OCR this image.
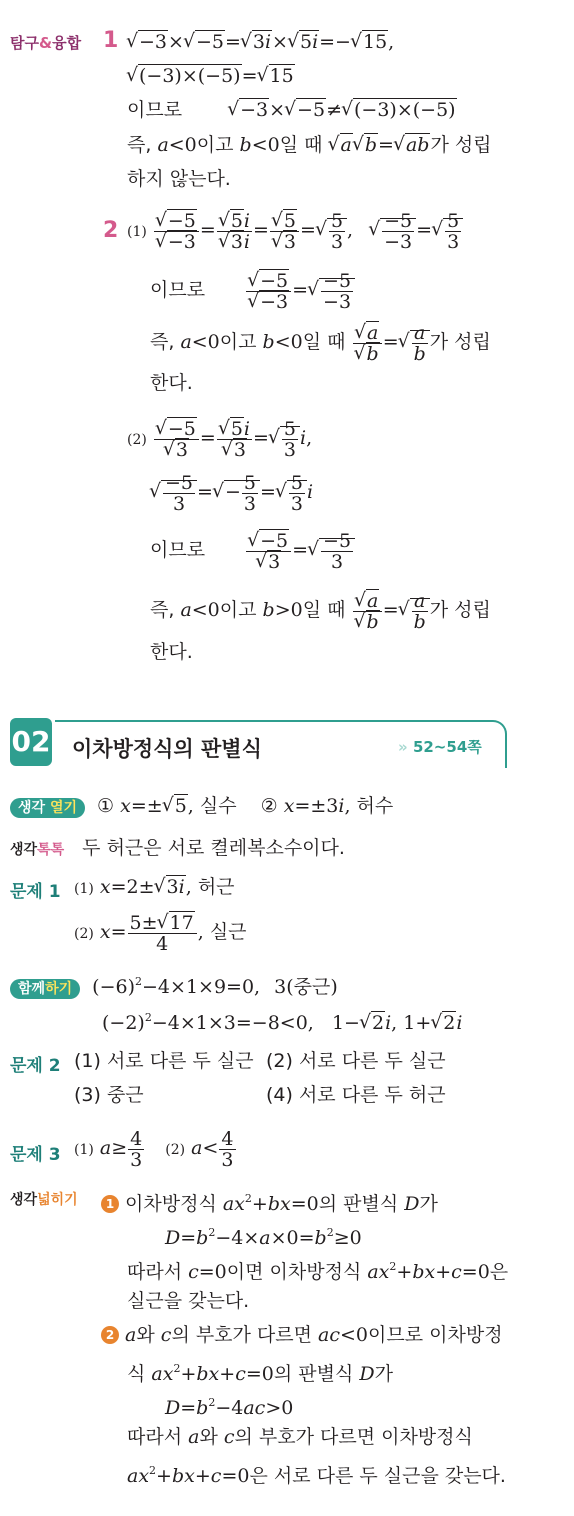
탐구&융합 1	√ −3× √ −5= √ 3i× √ 5i=− √ 15,
√ (−3)×(−5)= √ 15
이므로	√ −3× √ −5≠ √ (−3)×(−5)
즉, a<0이고 b<0일 때 √ a √ b= √ ab가 성립
하지 않는다.
2 (1) √ −5
√ −3 = √ 5i
√ 3i = √ 5
√ 3 = √ $\frac{5}{3}$ , √ $\frac{-5}{-3}$ = √ $\frac{5}{3}$
이므로 √ −5
√ −3 = √ $\frac{-5}{-3}$
즉, a<0이고 b<0일 때 √ a
√ b = √ $\frac{a}{b}$ 가 성립
한다.
(2) √ −5
√ 3 = √ 5i
√ 3 = √ $\frac{5}{3} i$,
√ $\frac{-5}{3}$ = √ − $\frac{5}{3}$ = √ $\frac{5}{3}$ i
이므로 √ −5
√ 3 = √ $\frac{-5}{3}$
즉, a<0이고 b>0일 때 √ a
√ b = √ $\frac{a}{b}$ 가 성립
한다.
02 이차방정식의 판별식	» 52~54쪽
생각 열기 ① x=± √ 5, 실수 ② x=±3i, 허수
생각톡톡 두 허근은 서로 켤레복소수이다.
문제 1 (1) x=2± √ 3i, 허근
(2) $x= \frac{5\pm √ 17}{4}$ , 실근
함께하기 $(-6)^2-4\times 1\times 9=0$, 3(중근)
$(-2)^2-4\times 1\times 3=-8<0$,   1− √ 2i, 1+ √ 2i
문제 2 (1) 서로 다른 두 실근 (2) 서로 다른 두 실근
(3) 중근	(4) 서로 다른 두 허근
문제 3 (1) $a\ge \frac{4}{3} (2)$ $a< \frac{4}{3}$
생각넓히기	1 이차방정식 $ax^2+bx=0$의 판별식 D가
$D=b^2-4\times a\times 0=b^2\ge 0$
따라서 c=0이면 이차방정식 $ax^2+bx+c=0$은
실근을 갖는다.
2 a와 c의 부호가 다르면 ac<0이므로 이차방정
식 $ax^2+bx+c=0$의 판별식 D가
$D=b^2-4ac>0$
따라서 a와 c의 부호가 다르면 이차방정식
$ax^2+bx+c=0$은 서로 다른 두 실근을 갖는다.
